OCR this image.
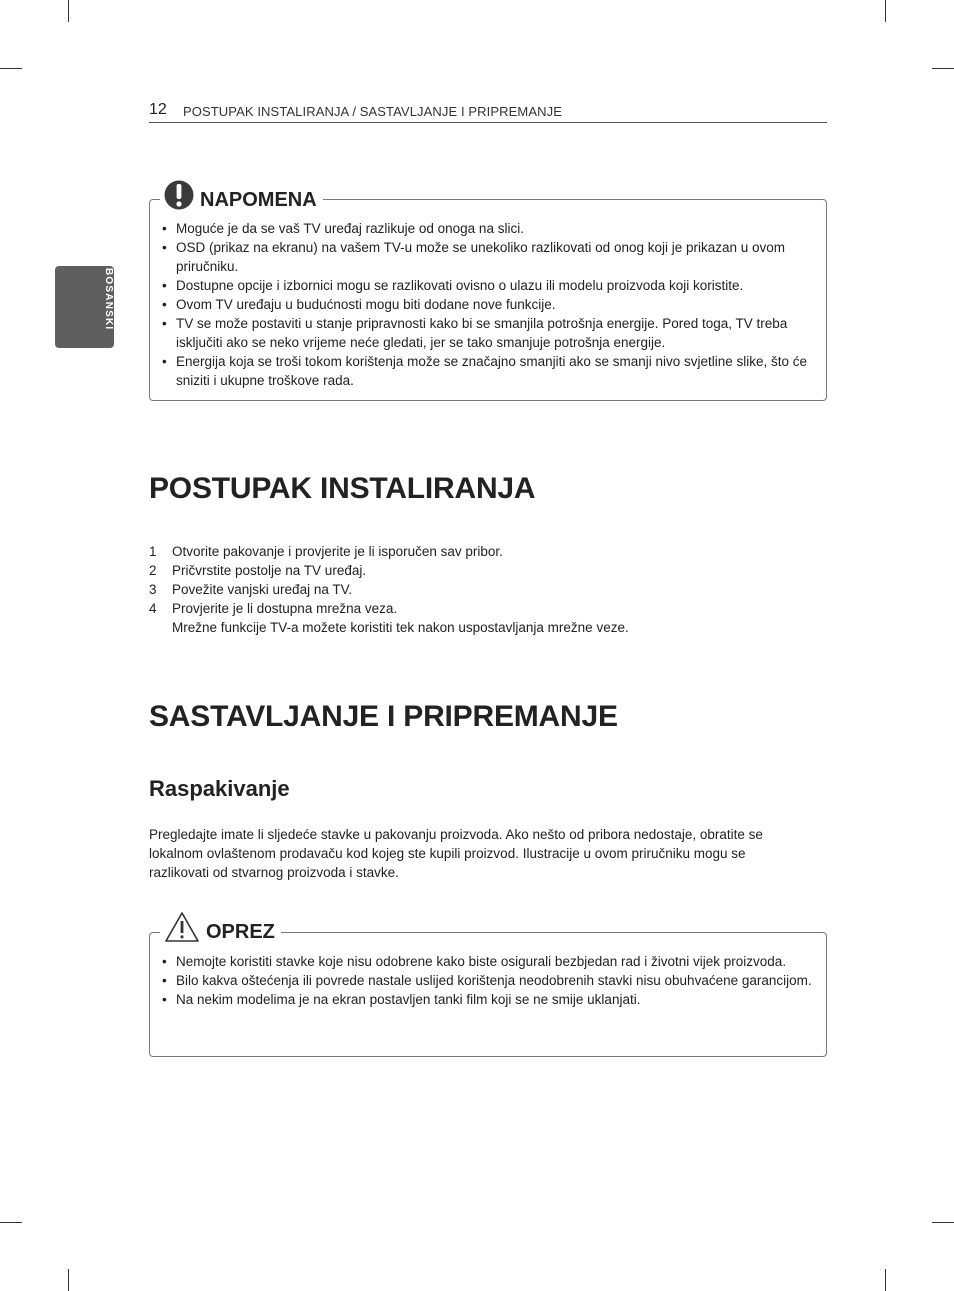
12 POSTUPAK INSTALIRANJA / SASTAVLJANJE I PRIPREMANJE
BOSANSKI
NAPOMENA
• Moguće je da se vaš TV uređaj razlikuje od onoga na slici.
• OSD (prikaz na ekranu) na vašem TV-u može se unekoliko razlikovati od onog koji je prikazan u ovom priručniku.
• Dostupne opcije i izbornici mogu se razlikovati ovisno o ulazu ili modelu proizvoda koji koristite.
• Ovom TV uređaju u budućnosti mogu biti dodane nove funkcije.
• TV se može postaviti u stanje pripravnosti kako bi se smanjila potrošnja energije. Pored toga, TV treba isključiti ako se neko vrijeme neće gledati, jer se tako smanjuje potrošnja energije.
• Energija koja se troši tokom korištenja može se značajno smanjiti ako se smanji nivo svjetline slike, što će sniziti i ukupne troškove rada.
POSTUPAK INSTALIRANJA
1 Otvorite pakovanje i provjerite je li isporučen sav pribor.
2 Pričvrstite postolje na TV uređaj.
3 Povežite vanjski uređaj na TV.
4 Provjerite je li dostupna mrežna veza.
Mrežne funkcije TV-a možete koristiti tek nakon uspostavljanja mrežne veze.
SASTAVLJANJE I PRIPREMANJE
Raspakivanje

Pregledajte imate li sljedeće stavke u pakovanju proizvoda. Ako nešto od pribora nedostaje, obratite se lokalnom ovlaštenom prodavaču kod kojeg ste kupili proizvod. Ilustracije u ovom priručniku mogu se razlikovati od stvarnog proizvoda i stavke.

OPREZ
• Nemojte koristiti stavke koje nisu odobrene kako biste osigurali bezbjedan rad i životni vijek proizvoda.
• Bilo kakva oštećenja ili povrede nastale uslijed korištenja neodobrenih stavki nisu obuhvaćene garancijom.
• Na nekim modelima je na ekran postavljen tanki film koji se ne smije uklanjati.
